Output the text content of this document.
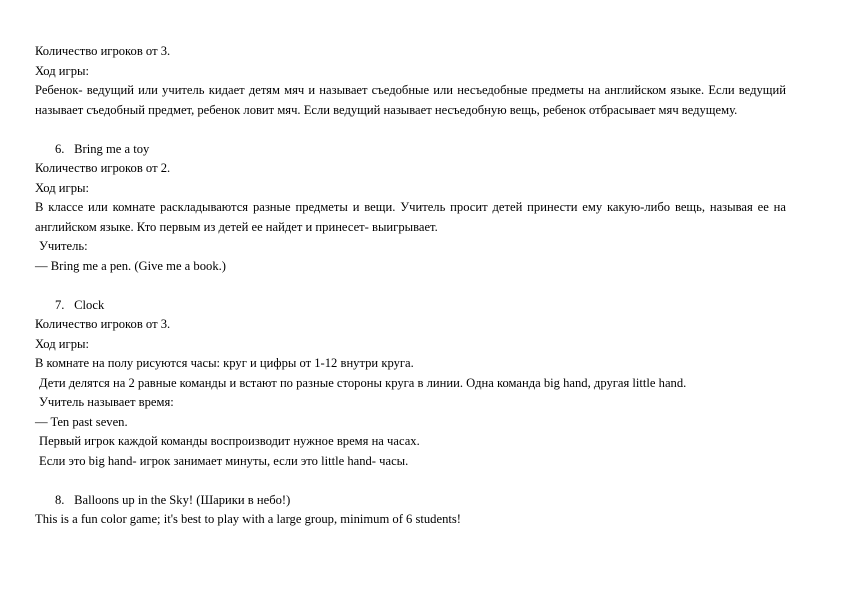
Количество игроков от 3.
Ход игры:
Ребенок- ведущий или учитель кидает детям мяч и называет съедобные или несъедобные предметы на английском языке. Если ведущий называет съедобный предмет, ребенок ловит мяч. Если ведущий называет несъедобную вещь, ребенок отбрасывает мяч ведущему.
6. Bring me a toy
Количество игроков от 2.
Ход игры:
В классе или комнате раскладываются разные предметы и вещи. Учитель просит детей принести ему какую-либо вещь, называя ее на английском языке. Кто первым из детей ее найдет и принесет- выигрывает.
Учитель:
— Bring me a pen. (Give me a book.)
7. Clock
Количество игроков от 3.
Ход игры:
В комнате на полу рисуются часы: круг и цифры от 1-12 внутри круга.
Дети делятся на 2 равные команды и встают по разные стороны круга в линии. Одна команда big hand, другая little hand.
Учитель называет время:
— Ten past seven.
Первый игрок каждой команды воспроизводит нужное время на часах.
Если это big hand- игрок занимает минуты, если это little hand- часы.
8. Balloons up in the Sky! (Шарики в небо!)
This is a fun color game; it's best to play with a large group, minimum of 6 students!
